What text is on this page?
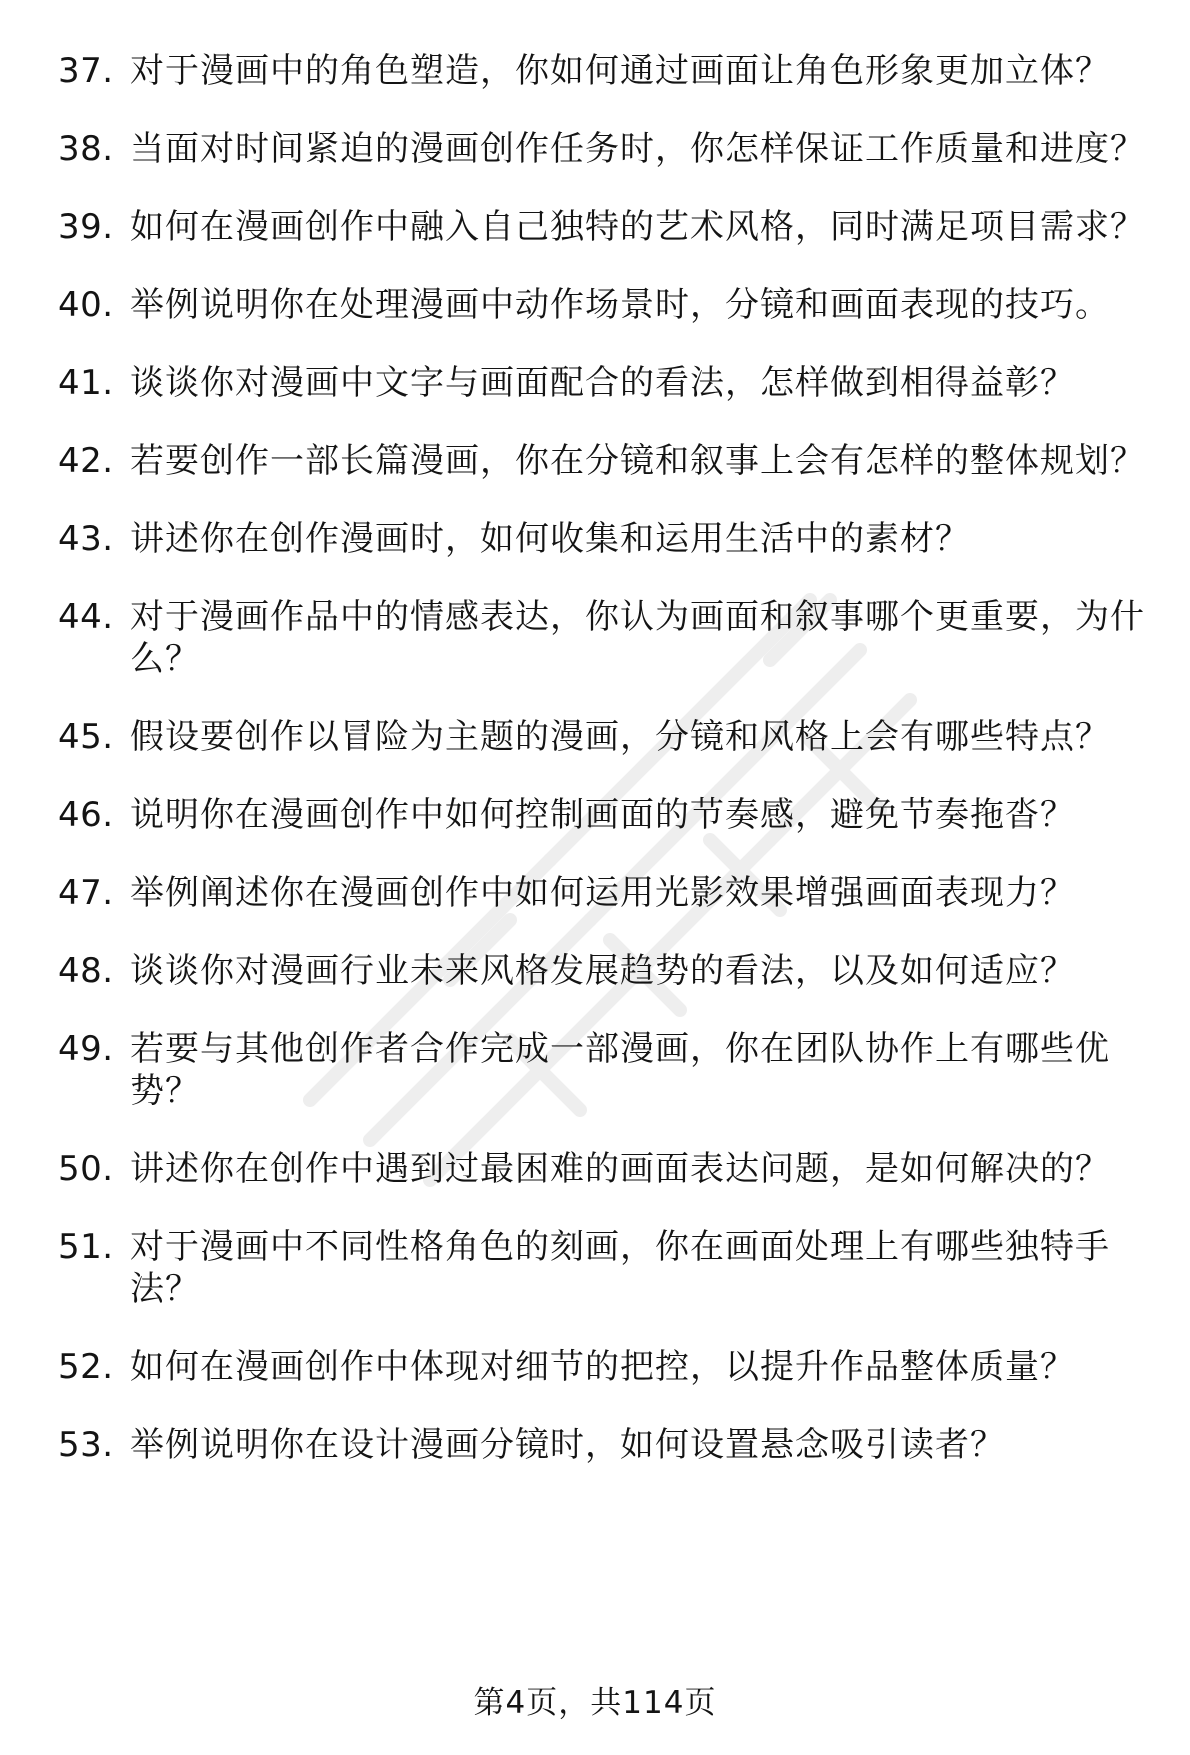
37. 对于漫画中的角色塑造，你如何通过画面让角色形象更加立体？
38. 当面对时间紧迫的漫画创作任务时，你怎样保证工作质量和进度？
39. 如何在漫画创作中融入自己独特的艺术风格，同时满足项目需求？
40. 举例说明你在处理漫画中动作场景时，分镜和画面表现的技巧。
41. 谈谈你对漫画中文字与画面配合的看法，怎样做到相得益彰？
42. 若要创作一部长篇漫画，你在分镜和叙事上会有怎样的整体规划？
43. 讲述你在创作漫画时，如何收集和运用生活中的素材？
44. 对于漫画作品中的情感表达，你认为画面和叙事哪个更重要，为什么？
45. 假设要创作以冒险为主题的漫画，分镜和风格上会有哪些特点？
46. 说明你在漫画创作中如何控制画面的节奏感，避免节奏拖沓？
47. 举例阐述你在漫画创作中如何运用光影效果增强画面表现力？
48. 谈谈你对漫画行业未来风格发展趋势的看法，以及如何适应？
49. 若要与其他创作者合作完成一部漫画，你在团队协作上有哪些优势？
50. 讲述你在创作中遇到过最困难的画面表达问题，是如何解决的？
51. 对于漫画中不同性格角色的刻画，你在画面处理上有哪些独特手法？
52. 如何在漫画创作中体现对细节的把控，以提升作品整体质量？
53. 举例说明你在设计漫画分镜时，如何设置悬念吸引读者？
第4页，共114页
